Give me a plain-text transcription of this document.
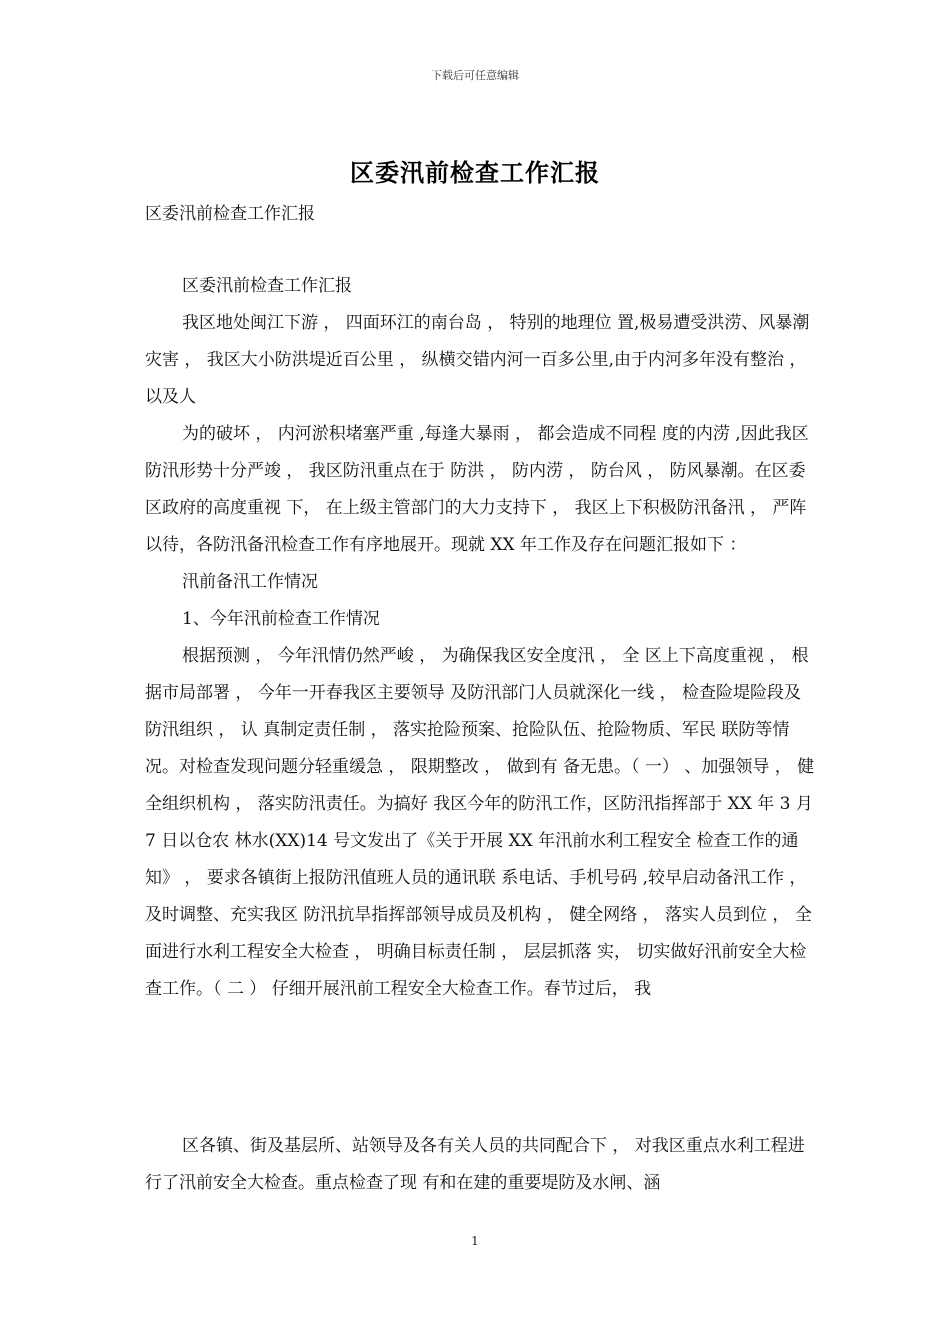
下载后可任意编辑
区委汛前检查工作汇报
区委汛前检查工作汇报

区委汛前检查工作汇报

我区地处闽江下游 ， 四面环江的南台岛 ， 特别的地理位 置,极易遭受洪涝、风暴潮灾害 ， 我区大小防洪堤近百公里 ， 纵横交错内河一百多公里,由于内河多年没有整治 ， 以及人

为的破坏 ， 内河淤积堵塞严重 ,每逢大暴雨 ， 都会造成不同程 度的内涝 ,因此我区防汛形势十分严竣 ， 我区防汛重点在于 防洪 ， 防内涝 ， 防台风 ， 防风暴潮。在区委区政府的高度重视 下， 在上级主管部门的大力支持下 ， 我区上下积极防汛备汛 ， 严阵以待，各防汛备汛检查工作有序地展开。现就 XX 年工作及存在问题汇报如下 ：

汛前备汛工作情况

1、今年汛前检查工作情况

根据预测 ， 今年汛情仍然严峻 ， 为确保我区安全度汛 ， 全 区上下高度重视 ， 根据市局部署 ， 今年一开春我区主要领导 及防汛部门人员就深化一线 ， 检查险堤险段及防汛组织 ， 认 真制定责任制 ， 落实抢险预案、抢险队伍、抢险物质、军民 联防等情况。对检查发现问题分轻重缓急 ， 限期整改 ， 做到有 备无患。（ 一） 、加强领导 ， 健全组织机构 ， 落实防汛责任。为搞好 我区今年的防汛工作，区防汛指挥部于 XX 年 3 月 7 日以仓农 林水(XX)14 号文发出了《关于开展 XX 年汛前水利工程安全 检查工作的通知》 ， 要求各镇街上报防汛值班人员的通讯联 系电话、手机号码 ,较早启动备汛工作 ， 及时调整、充实我区 防汛抗旱指挥部领导成员及机构 ， 健全网络 ， 落实人员到位 ， 全面进行水利工程安全大检查 ， 明确目标责任制 ， 层层抓落 实， 切实做好汛前安全大检查工作。（ 二 ） 仔细开展汛前工程安全大检查工作。春节过后， 我

区各镇、街及基层所、站领导及各有关人员的共同配合下 ， 对我区重点水利工程进行了汛前安全大检查。重点检查了现 有和在建的重要堤防及水闸、涵

1
